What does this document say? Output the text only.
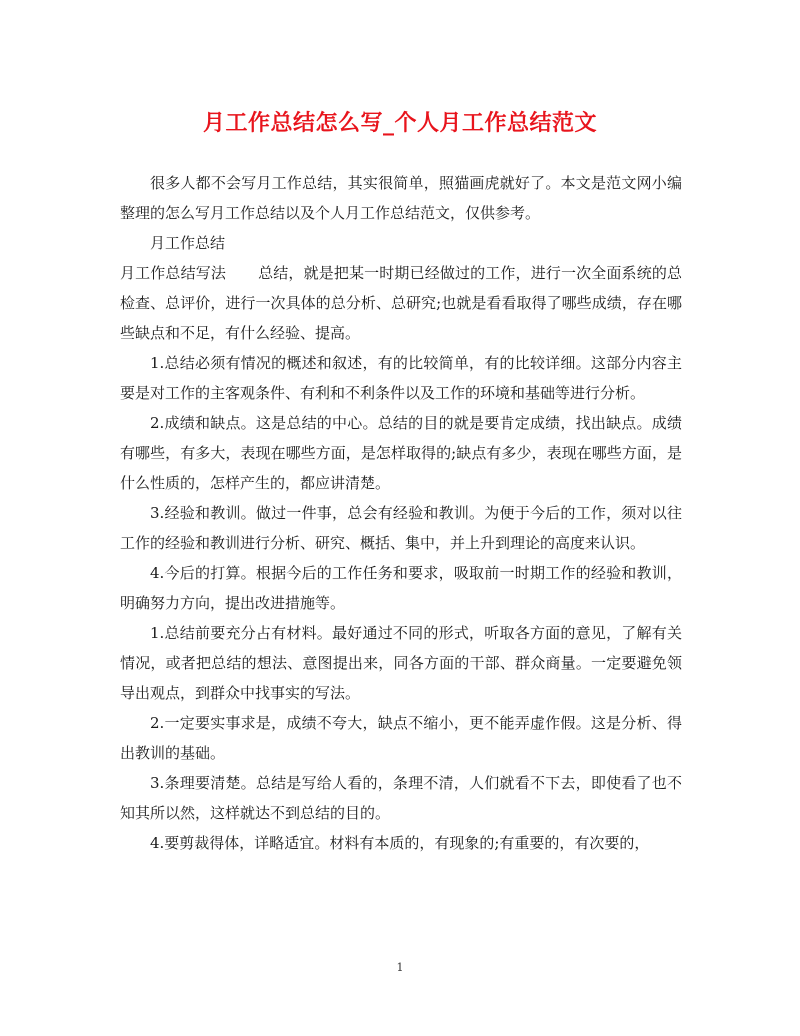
月工作总结怎么写_个人月工作总结范文

很多人都不会写月工作总结，其实很简单，照猫画虎就好了。本文是范文网小编整理的怎么写月工作总结以及个人月工作总结范文，仅供参考。

月工作总结

月工作总结写法 总结，就是把某一时期已经做过的工作，进行一次全面系统的总检查、总评价，进行一次具体的总分析、总研究;也就是看看取得了哪些成绩，存在哪些缺点和不足，有什么经验、提高。

1.总结必须有情况的概述和叙述，有的比较简单，有的比较详细。这部分内容主要是对工作的主客观条件、有利和不利条件以及工作的环境和基础等进行分析。

2.成绩和缺点。这是总结的中心。总结的目的就是要肯定成绩，找出缺点。成绩有哪些，有多大，表现在哪些方面，是怎样取得的;缺点有多少，表现在哪些方面，是什么性质的，怎样产生的，都应讲清楚。

3.经验和教训。做过一件事，总会有经验和教训。为便于今后的工作，须对以往工作的经验和教训进行分析、研究、概括、集中，并上升到理论的高度来认识。

4.今后的打算。根据今后的工作任务和要求，吸取前一时期工作的经验和教训，明确努力方向，提出改进措施等。

1.总结前要充分占有材料。最好通过不同的形式，听取各方面的意见，了解有关情况，或者把总结的想法、意图提出来，同各方面的干部、群众商量。一定要避免领导出观点，到群众中找事实的写法。

2.一定要实事求是，成绩不夸大，缺点不缩小，更不能弄虚作假。这是分析、得出教训的基础。

3.条理要清楚。总结是写给人看的，条理不清，人们就看不下去，即使看了也不知其所以然，这样就达不到总结的目的。

4.要剪裁得体，详略适宜。材料有本质的，有现象的;有重要的，有次要的，

1
